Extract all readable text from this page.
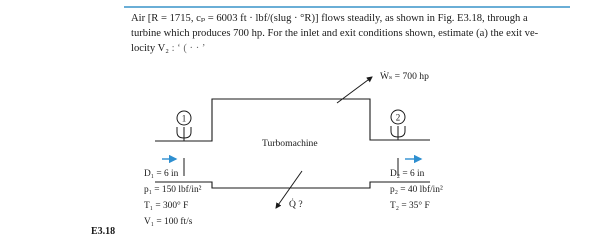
Air [R = 1715, cₚ = 6003 ft · lbf/(slug · °R)] flows steadily, as shown in Fig. E3.18, through a
turbine which produces 700 hp. For the inlet and exit conditions shown, estimate (a) the exit ve-
locity V₂ : ‘ ( · · ’

1	2
Turbomachine
Ẇₛ = 700 hp
Q̇ ?
D₁ = 6 in
p₁ = 150 lbf/in²
T₁ = 300° F
V₁ = 100 ft/s
D₂ = 6 in
p₂ = 40 lbf/in²
T₂ = 35° F
E3.18
